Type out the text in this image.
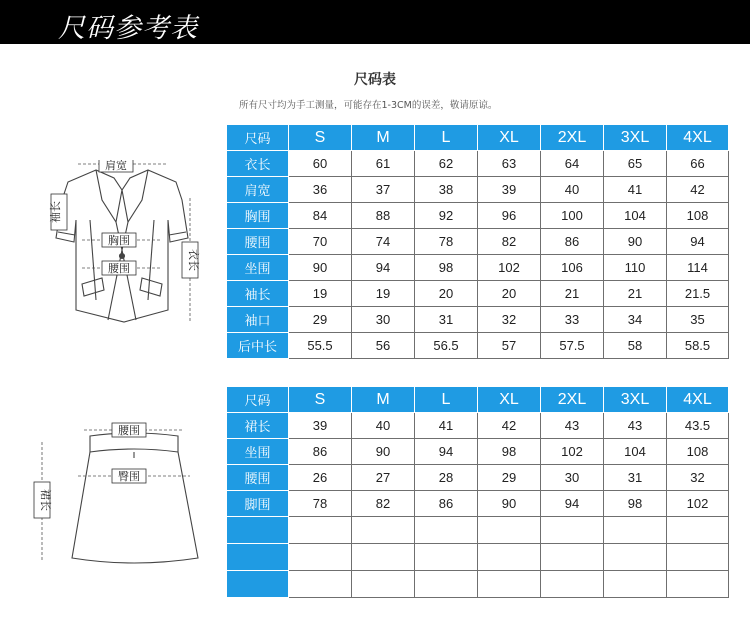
尺码参考表
尺码表
所有尺寸均为手工测量，可能存在1-3CM的误差，敬请原谅。
肩宽
袖长
胸围
腰围	衣长
腰围
臀围
裙长
尺码	S	M	L	XL	2XL	3XL	4XL
衣长	60	61	62	63	64	65	66
肩宽	36	37	38	39	40	41	42
胸围	84	88	92	96	100	104	108
腰围	70	74	78	82	86	90	94
坐围	90	94	98	102	106	110	114
袖长	19	19	20	20	21	21	21.5
袖口	29	30	31	32	33	34	35
后中长	55.5	56	56.5	57	57.5	58	58.5
尺码	S	M	L	XL	2XL	3XL	4XL
裙长	39	40	41	42	43	43	43.5
坐围	86	90	94	98	102	104	108
腰围	26	27	28	29	30	31	32
脚围	78	82	86	90	94	98	102
